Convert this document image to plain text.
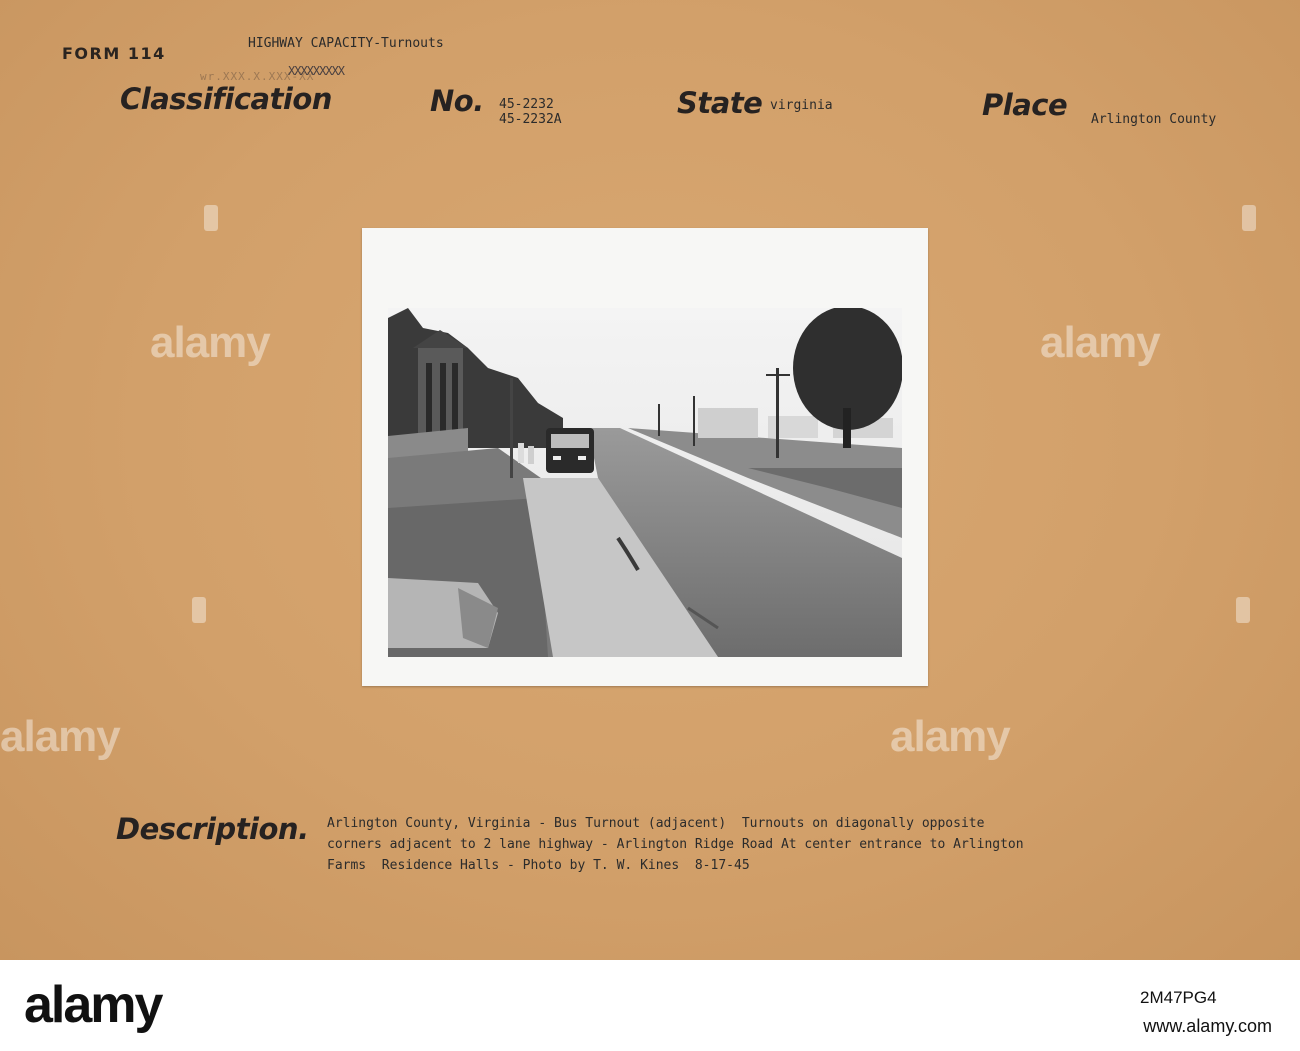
FORM 114
HIGHWAY CAPACITY-Turnouts
wr.XXX.X.XXX-XX
XXXXXXXXX
Classification	No. 45-2232
45-2232A	State virginia	Place Arlington County
alamy	alamy
alamy	alamy
Description. Arlington County, Virginia - Bus Turnout (adjacent)  Turnouts on diagonally opposite
corners adjacent to 2 lane highway - Arlington Ridge Road At center entrance to Arlington
Farms  Residence Halls - Photo by T. W. Kines  8-17-45
alamy	2M47PG4
www.alamy.com
